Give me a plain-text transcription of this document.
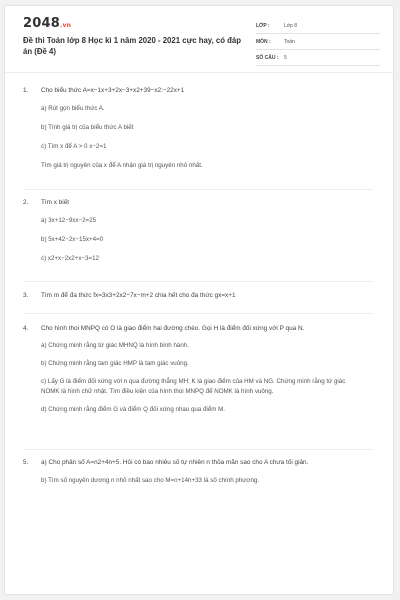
2048.vn
Đề thi Toán lớp 8 Học kì 1 năm 2020 - 2021 cực hay, có đáp án (Đề 4)
LỚP :	Lớp 8
MÔN :	Toán
SỐ CÂU :	5
1.	Cho biểu thức A=x−1x+3+2x−3+x2+39−x2:−22x+1
a) Rút gọn biểu thức A.
b) Tính giá trị của biểu thức A biết
c) Tìm x để A > 0 x−2=1
Tìm giá trị nguyên của x để A nhận giá trị nguyên nhỏ nhất.
2.	Tìm x biết
a) 3x+12−9xx−2=25
b) 5x+42−2x−15x+4=0
c) x2+x−2x2+x−3=12
3.	Tìm m để đa thức fx=3x3+2x2−7x−m+2 chia hết cho đa thức gx=x+1
4.	Cho hình thoi MNPQ có O là giao điểm hai đường chéo. Gọi H là điểm đối xứng với P qua N.
a) Chứng minh rằng tứ giác MHNQ là hình bình hành.
b) Chứng minh rằng tam giác HMP là tam giác vuông.
c) Lấy G là điểm đối xứng với n qua đường thẳng MH; K là giao điểm của HM và NG. Chứng minh rằng tứ giác NOMK là hình chữ nhật. Tìm điều kiện của hình thoi MNPQ để NOMK là hình vuông.
d) Chứng minh rằng điểm G và điểm Q đối xứng nhau qua điểm M.
5.	a) Cho phân số A=n2+4n+5. Hỏi có bao nhiêu số tự nhiên n thỏa mãn sao cho A chưa tối giản.
b) Tìm số nguyên dương n nhỏ nhất sao cho M=n+14n+33 là số chính phương.
